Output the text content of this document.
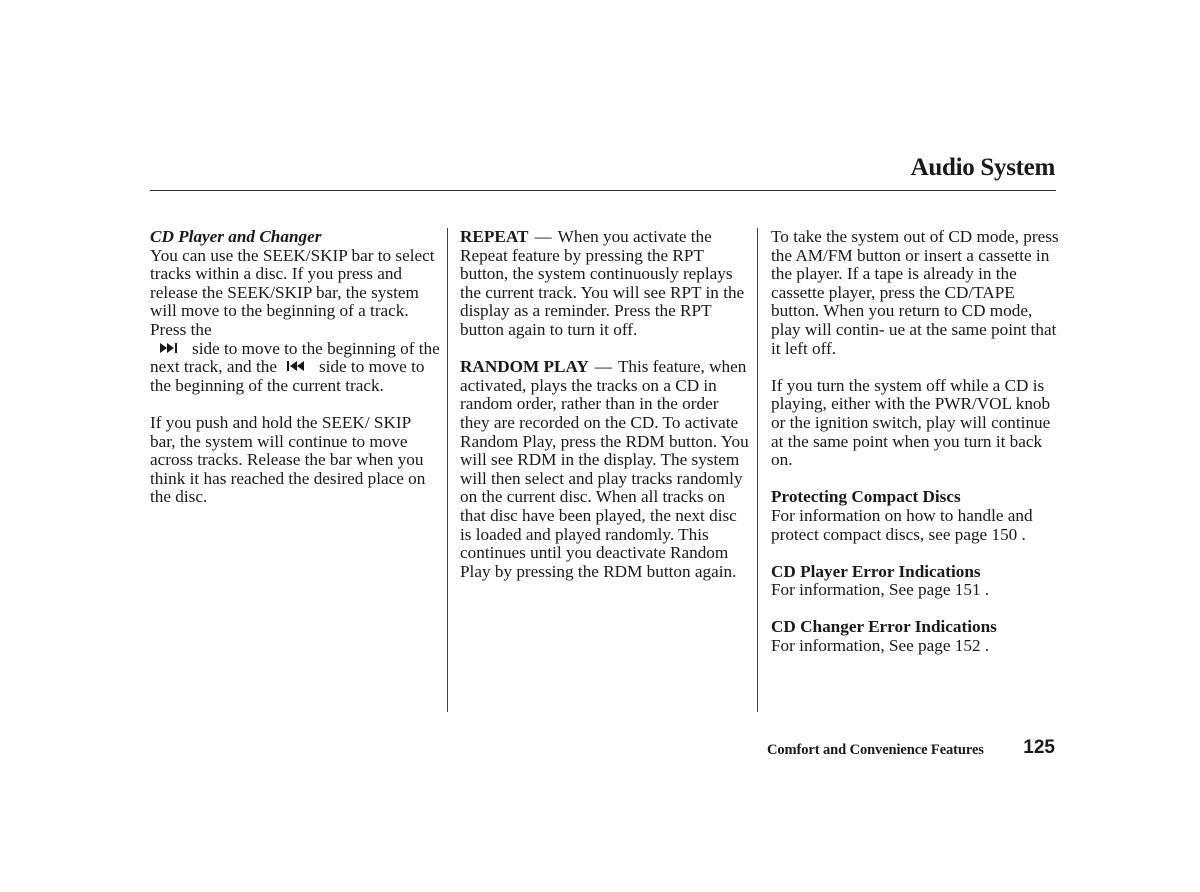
Audio System
CD Player and Changer

You can use the SEEK/SKIP bar to select tracks within a disc. If you press and release the SEEK/SKIP bar, the system will move to the beginning of a track. Press the

side to move to the beginning of the next track, and the side to move to the beginning of the current track.

If you push and hold the SEEK/ SKIP bar, the system will continue to move across tracks. Release the bar when you think it has reached the desired place on the disc.

REPEAT — When you activate the Repeat feature by pressing the RPT button, the system continuously replays the current track. You will see RPT in the display as a reminder. Press the RPT button again to turn it off.

RANDOM PLAY — This feature, when activated, plays the tracks on a CD in random order, rather than in the order they are recorded on the CD. To activate Random Play, press the RDM button. You will see RDM in the display. The system will then select and play tracks randomly on the current disc. When all tracks on that disc have been played, the next disc is loaded and played randomly. This continues until you deactivate Random Play by pressing the RDM button again.

To take the system out of CD mode, press the AM/FM button or insert a cassette in the player. If a tape is already in the cassette player, press the CD/TAPE button. When you return to CD mode, play will contin- ue at the same point that it left off.

If you turn the system off while a CD is playing, either with the PWR/VOL knob or the ignition switch, play will continue at the same point when you turn it back on.

Protecting Compact Discs
For information on how to handle and protect compact discs, see page 150 .

CD Player Error Indications
For information, See page 151 .

CD Changer Error Indications
For information, See page 152 .

Comfort and Convenience Features 125
